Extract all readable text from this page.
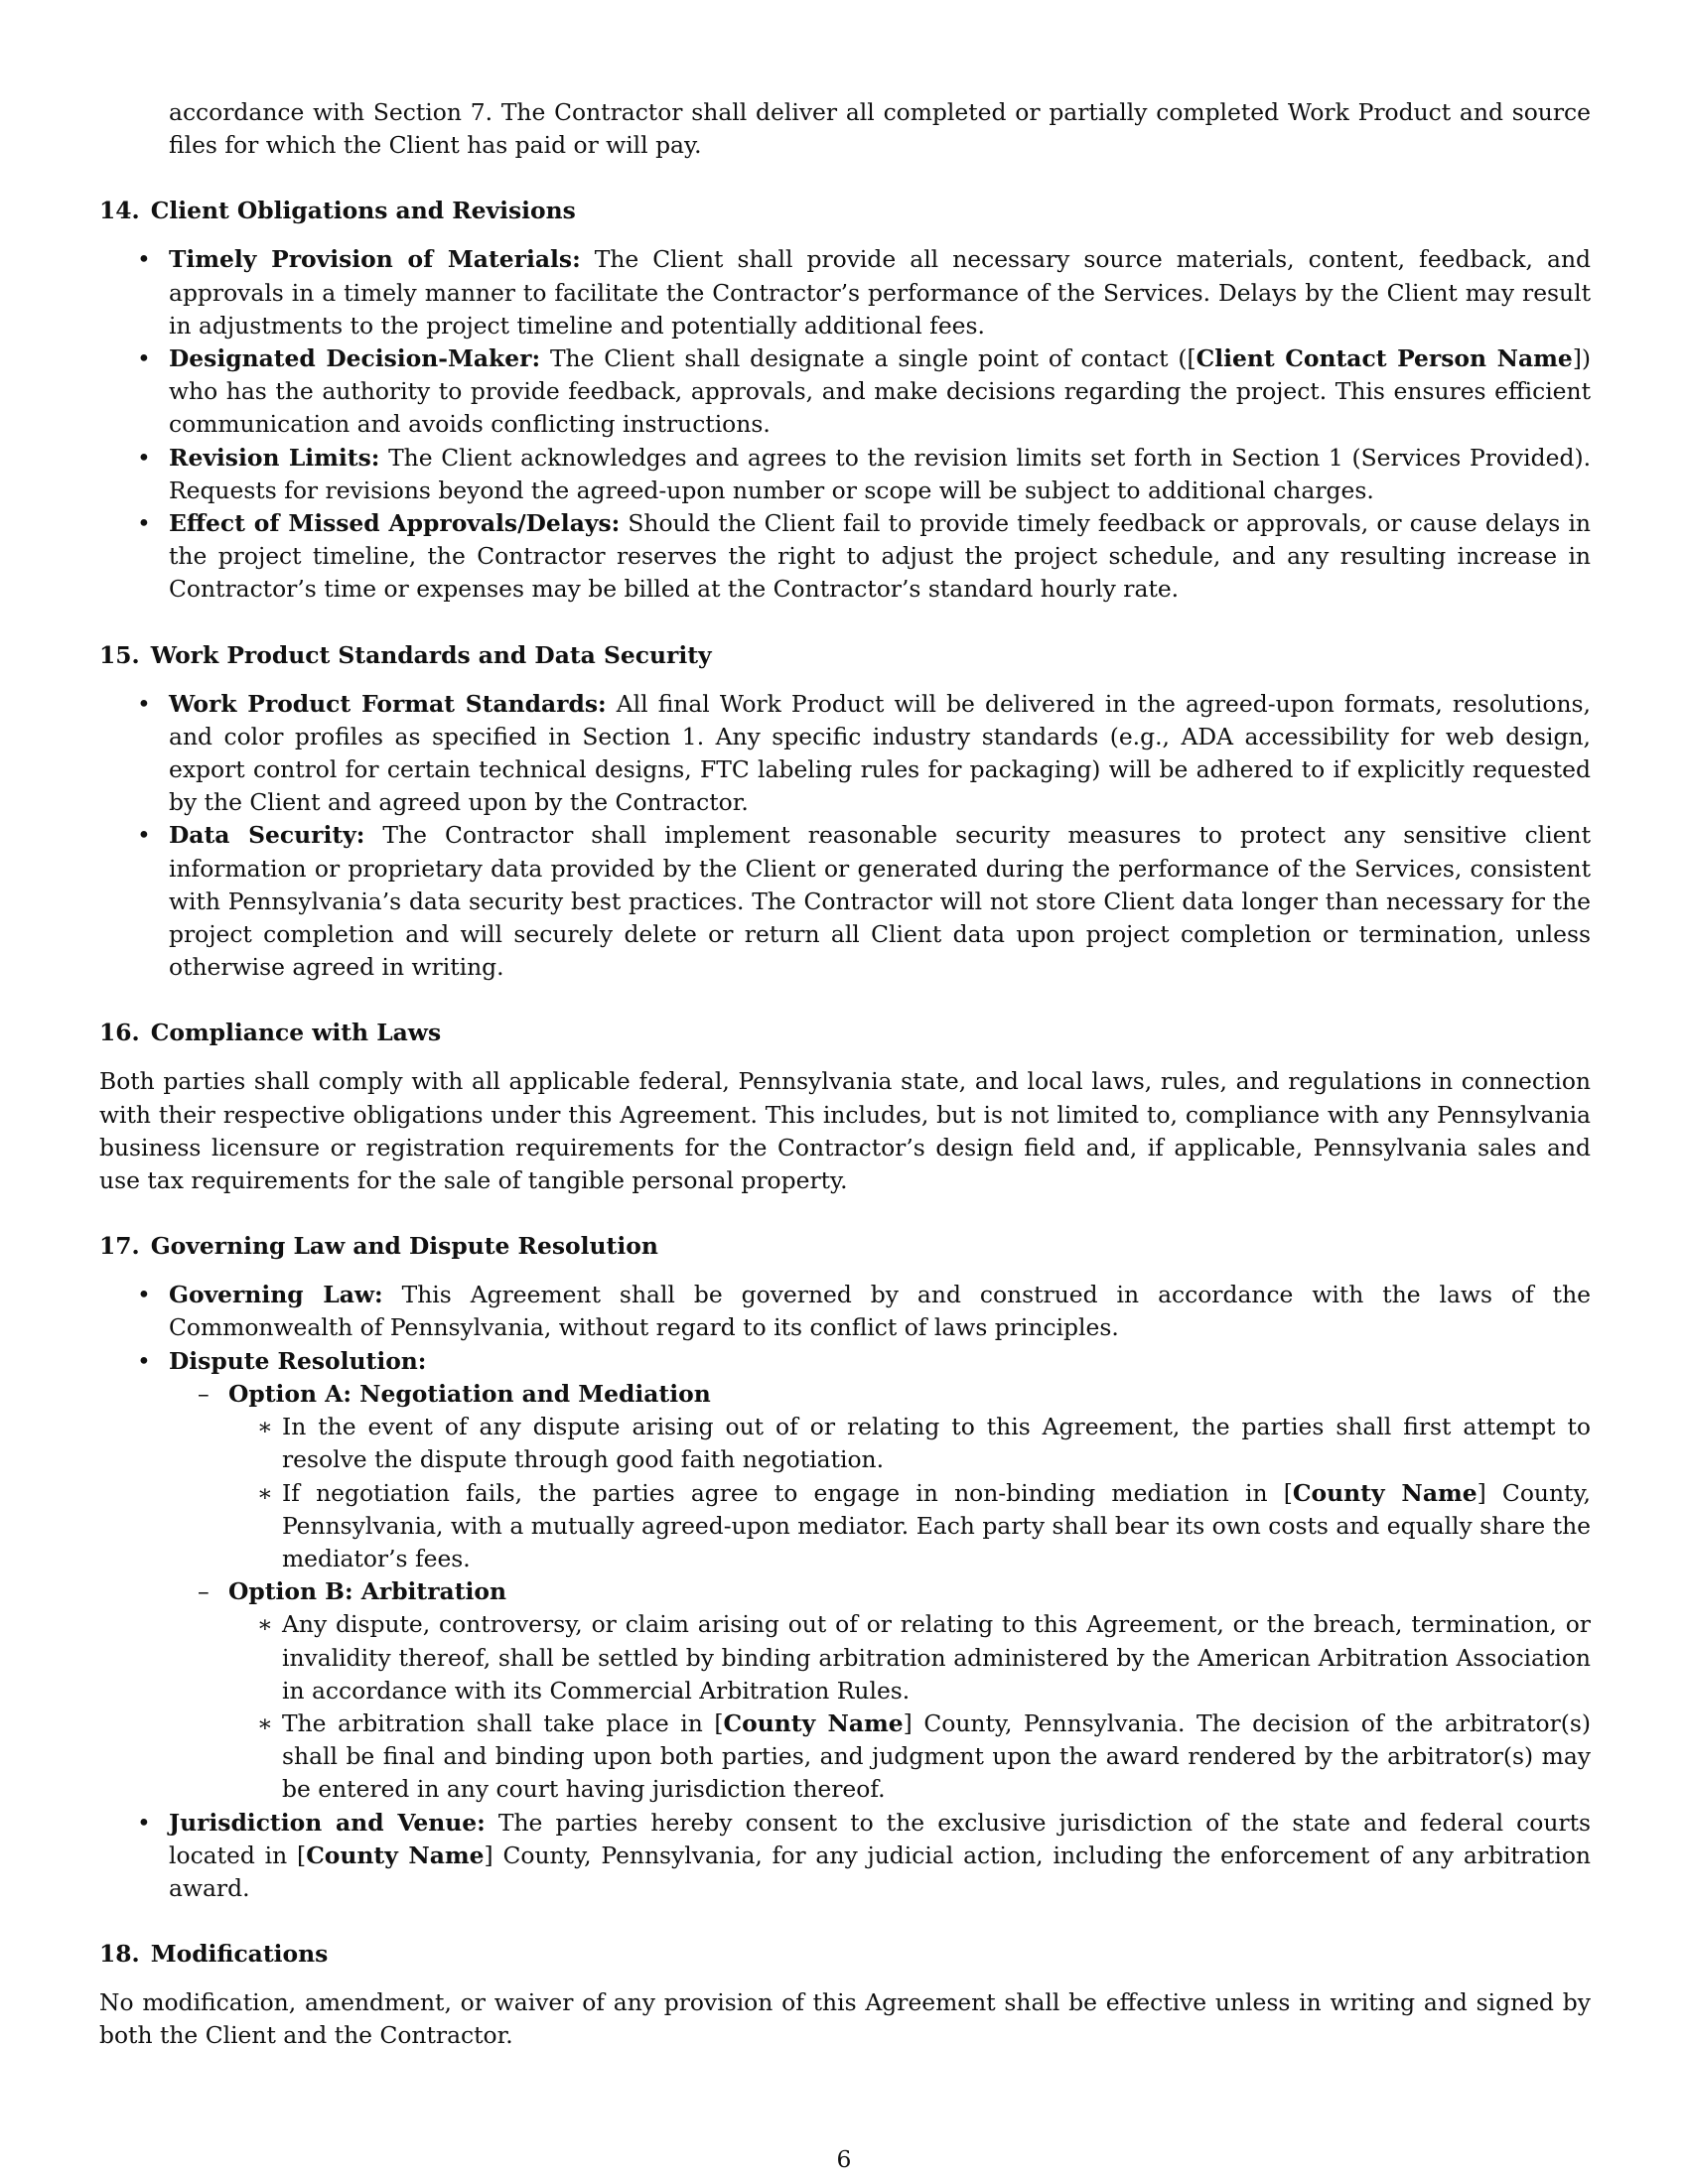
accordance with Section 7. The Contractor shall deliver all completed or partially completed Work Product and source files for which the Client has paid or will pay.

14. Client Obligations and Revisions
• Timely Provision of Materials: The Client shall provide all necessary source materials, content, feedback, and approvals in a timely manner to facilitate the Contractor’s performance of the Services. Delays by the Client may result in adjustments to the project timeline and potentially additional fees.
• Designated Decision-Maker: The Client shall designate a single point of contact ([Client Contact Person Name]) who has the authority to provide feedback, approvals, and make decisions regarding the project. This ensures efficient communication and avoids conflicting instructions.
• Revision Limits: The Client acknowledges and agrees to the revision limits set forth in Section 1 (Services Provided). Requests for revisions beyond the agreed-upon number or scope will be subject to additional charges.
• Effect of Missed Approvals/Delays: Should the Client fail to provide timely feedback or approvals, or cause delays in the project timeline, the Contractor reserves the right to adjust the project schedule, and any resulting increase in Contractor’s time or expenses may be billed at the Contractor’s standard hourly rate.
15. Work Product Standards and Data Security
• Work Product Format Standards: All final Work Product will be delivered in the agreed-upon formats, resolutions, and color profiles as specified in Section 1. Any specific industry standards (e.g., ADA accessibility for web design, export control for certain technical designs, FTC labeling rules for packaging) will be adhered to if explicitly requested by the Client and agreed upon by the Contractor.
• Data Security: The Contractor shall implement reasonable security measures to protect any sensitive client information or proprietary data provided by the Client or generated during the performance of the Services, consistent with Pennsylvania’s data security best practices. The Contractor will not store Client data longer than necessary for the project completion and will securely delete or return all Client data upon project completion or termination, unless otherwise agreed in writing.
16. Compliance with Laws

Both parties shall comply with all applicable federal, Pennsylvania state, and local laws, rules, and regulations in connection with their respective obligations under this Agreement. This includes, but is not limited to, compliance with any Pennsylvania business licensure or registration requirements for the Contractor’s design field and, if applicable, Pennsylvania sales and use tax requirements for the sale of tangible personal property.

17. Governing Law and Dispute Resolution
• Governing Law: This Agreement shall be governed by and construed in accordance with the laws of the Commonwealth of Pennsylvania, without regard to its conflict of laws principles.
• Dispute Resolution:
– Option A: Negotiation and Mediation
∗ In the event of any dispute arising out of or relating to this Agreement, the parties shall first attempt to resolve the dispute through good faith negotiation.
∗ If negotiation fails, the parties agree to engage in non-binding mediation in [County Name] County, Pennsylvania, with a mutually agreed-upon mediator. Each party shall bear its own costs and equally share the mediator’s fees.
– Option B: Arbitration
∗ Any dispute, controversy, or claim arising out of or relating to this Agreement, or the breach, termination, or invalidity thereof, shall be settled by binding arbitration administered by the American Arbitration Association in accordance with its Commercial Arbitration Rules.
∗ The arbitration shall take place in [County Name] County, Pennsylvania. The decision of the arbitrator(s) shall be final and binding upon both parties, and judgment upon the award rendered by the arbitrator(s) may be entered in any court having jurisdiction thereof.
• Jurisdiction and Venue: The parties hereby consent to the exclusive jurisdiction of the state and federal courts located in [County Name] County, Pennsylvania, for any judicial action, including the enforcement of any arbitration award.
18. Modifications

No modification, amendment, or waiver of any provision of this Agreement shall be effective unless in writing and signed by both the Client and the Contractor.

6
